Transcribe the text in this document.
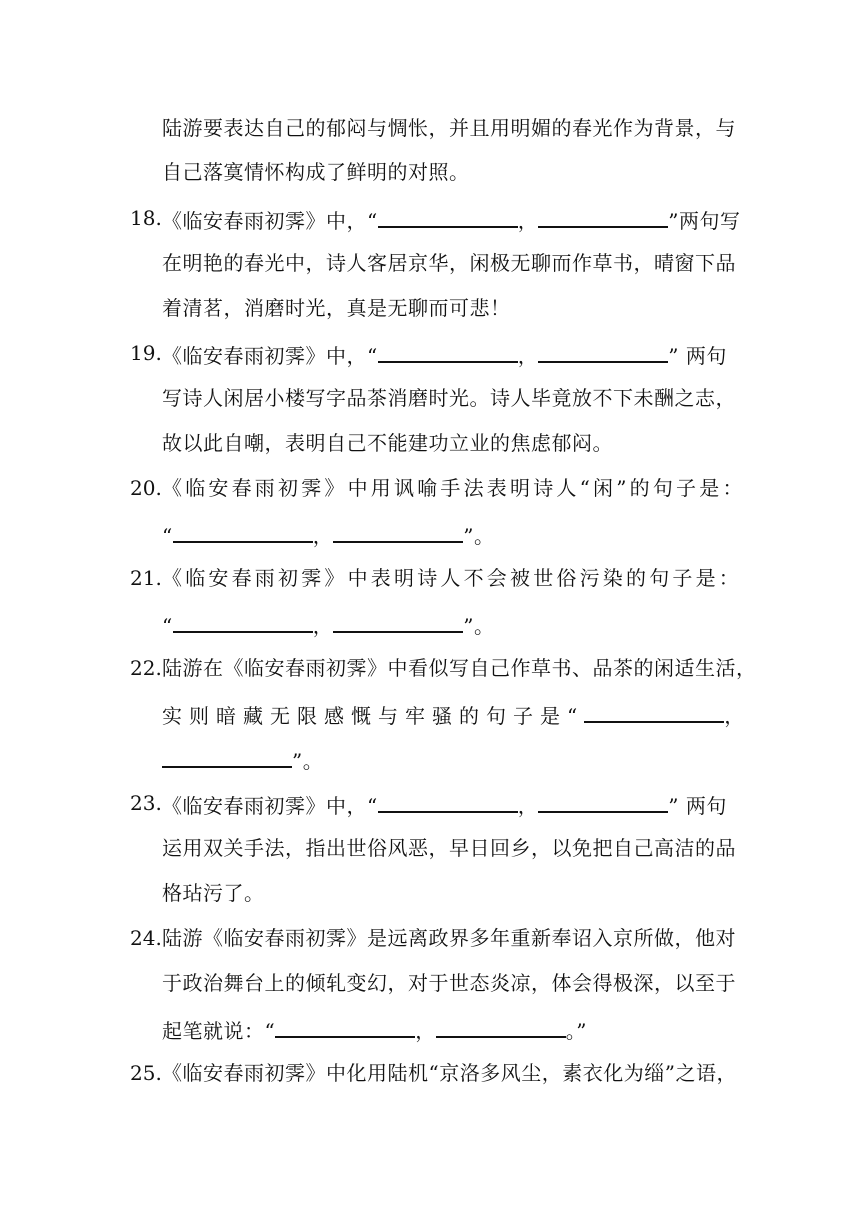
陆游要表达自己的郁闷与惆怅，并且用明媚的春光作为背景，与
自己落寞情怀构成了鲜明的对照。
18. 《临安春雨初霁》中，“	，	”两句写
在明艳的春光中，诗人客居京华，闲极无聊而作草书，晴窗下品
着清茗，消磨时光，真是无聊而可悲！
19. 《临安春雨初霁》中，“	，	” 两句
写诗人闲居小楼写字品茶消磨时光。诗人毕竟放不下未酬之志，
故以此自嘲，表明自己不能建功立业的焦虑郁闷。
20. 《临安春雨初霁》中用讽喻手法表明诗人“闲”的句子是：
“	，	”。
21. 《临安春雨初霁》中表明诗人不会被世俗污染的句子是：
“	，	”。
22. 陆游在《临安春雨初霁》中看似写自己作草书、品茶的闲适生活，
实则暗藏无限感慨与牢骚的句子是“	，
”。
23. 《临安春雨初霁》中，“	，	” 两句
运用双关手法，指出世俗风恶，早日回乡，以免把自己高洁的品
格玷污了。
24. 陆游《临安春雨初霁》是远离政界多年重新奉诏入京所做，他对
于政治舞台上的倾轧变幻，对于世态炎凉，体会得极深，以至于
起笔就说：“	，	。”
25. 《临安春雨初霁》中化用陆机“京洛多风尘，素衣化为缁”之语，
